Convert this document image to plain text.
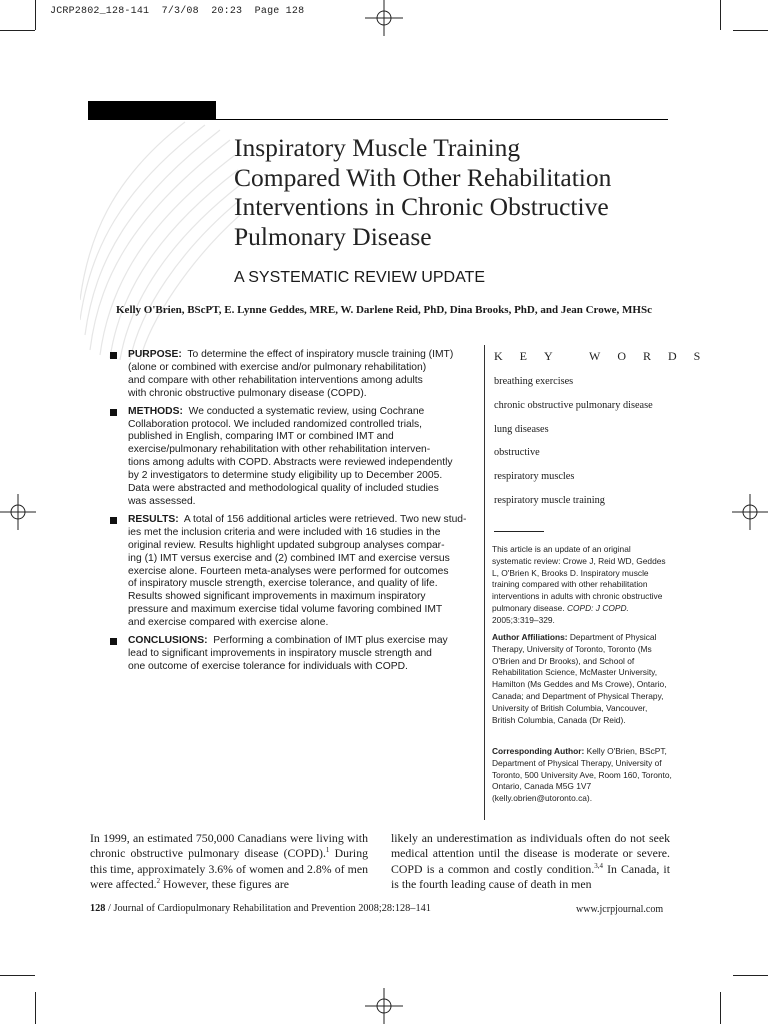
JCRP2802_128-141 7/3/08 20:23 Page 128
Inspiratory Muscle Training
Compared With Other Rehabilitation
Interventions in Chronic Obstructive
Pulmonary Disease
A SYSTEMATIC REVIEW UPDATE
Kelly O'Brien, BScPT, E. Lynne Geddes, MRE, W. Darlene Reid, PhD, Dina Brooks, PhD, and Jean Crowe, MHSc
PURPOSE: To determine the effect of inspiratory muscle training (IMT)
(alone or combined with exercise and/or pulmonary rehabilitation)
and compare with other rehabilitation interventions among adults
with chronic obstructive pulmonary disease (COPD).
METHODS: We conducted a systematic review, using Cochrane
Collaboration protocol. We included randomized controlled trials,
published in English, comparing IMT or combined IMT and
exercise/pulmonary rehabilitation with other rehabilitation interven-
tions among adults with COPD. Abstracts were reviewed independently
by 2 investigators to determine study eligibility up to December 2005.
Data were abstracted and methodological quality of included studies
was assessed.
RESULTS: A total of 156 additional articles were retrieved. Two new stud-
ies met the inclusion criteria and were included with 16 studies in the
original review. Results highlight updated subgroup analyses compar-
ing (1) IMT versus exercise and (2) combined IMT and exercise versus
exercise alone. Fourteen meta-analyses were performed for outcomes
of inspiratory muscle strength, exercise tolerance, and quality of life.
Results showed significant improvements in maximum inspiratory
pressure and maximum exercise tidal volume favoring combined IMT
and exercise compared with exercise alone.
CONCLUSIONS: Performing a combination of IMT plus exercise may
lead to significant improvements in inspiratory muscle strength and
one outcome of exercise tolerance for individuals with COPD.
KEY WORDS
breathing exercises
chronic obstructive pulmonary disease
lung diseases
obstructive
respiratory muscles
respiratory muscle training
This article is an update of an original systematic review: Crowe J, Reid WD, Geddes L, O'Brien K, Brooks D. Inspiratory muscle training compared with other rehabilitation interventions in adults with chronic obstructive pulmonary disease. COPD: J COPD. 2005;3:319–329.
Author Affiliations: Department of Physical Therapy, University of Toronto, Toronto (Ms O'Brien and Dr Brooks), and School of Rehabilitation Science, McMaster University, Hamilton (Ms Geddes and Ms Crowe), Ontario, Canada; and Department of Physical Therapy, University of British Columbia, Vancouver, British Columbia, Canada (Dr Reid).
Corresponding Author: Kelly O'Brien, BScPT, Department of Physical Therapy, University of Toronto, 500 University Ave, Room 160, Toronto, Ontario, Canada M5G 1V7 (kelly.obrien@utoronto.ca).
In 1999, an estimated 750,000 Canadians were living with chronic obstructive pulmonary disease (COPD).$^1$ During this time, approximately 3.6% of women and 2.8% of men were affected.$^2$ However, these figures are
likely an underestimation as individuals often do not seek medical attention until the disease is moderate or severe. COPD is a common and costly condition.$^{3,4}$ In Canada, it is the fourth leading cause of death in men
128 / Journal of Cardiopulmonary Rehabilitation and Prevention 2008;28:128–141	www.jcrpjournal.com
